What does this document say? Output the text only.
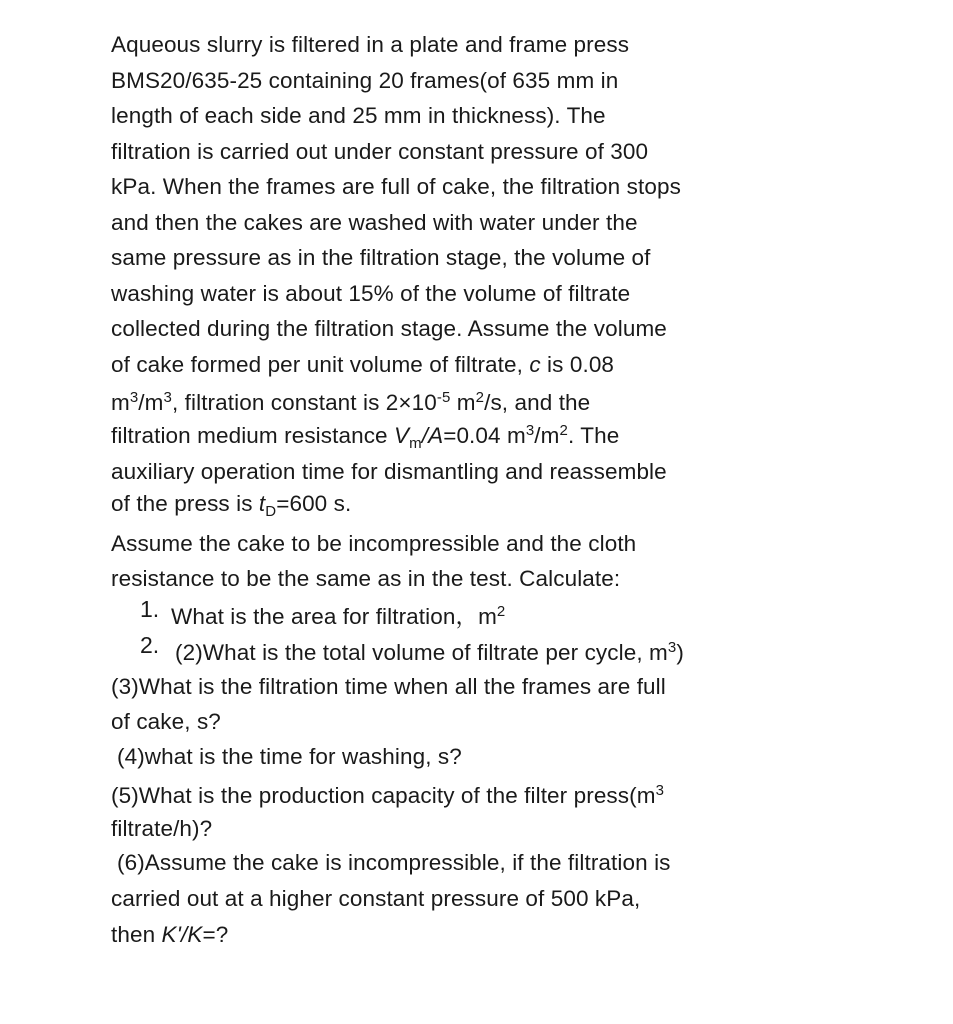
Aqueous slurry is filtered in a plate and frame press
BMS20/635-25 containing 20 frames(of 635 mm in
length of each side and 25 mm in thickness). The
filtration is carried out under constant pressure of 300
kPa. When the frames are full of cake, the filtration stops
and then the cakes are washed with water under the
same pressure as in the filtration stage, the volume of
washing water is about 15% of the volume of filtrate
collected during the filtration stage. Assume the volume
of cake formed per unit volume of filtrate, c is 0.08
$m^3/m^3$, filtration constant is $2\times 10^{-5}$ $m^2/s$, and the
filtration medium resistance $V_m/A=0.04$ $m^3/m^2$. The
auxiliary operation time for dismantling and reassemble
of the press is $t_D=600$ s.
Assume the cake to be incompressible and the cloth
resistance to be the same as in the test. Calculate:
1. What is the area for filtration，$m^2$
2. (2)What is the total volume of filtrate per cycle, $m^3$)
(3)What is the filtration time when all the frames are full
of cake, s?
(4)what is the time for washing, s?
(5)What is the production capacity of the filter $press(m^3$
filtrate/h)?
(6)Assume the cake is incompressible, if the filtration is
carried out at a higher constant pressure of 500 kPa,
then K'/K=?
